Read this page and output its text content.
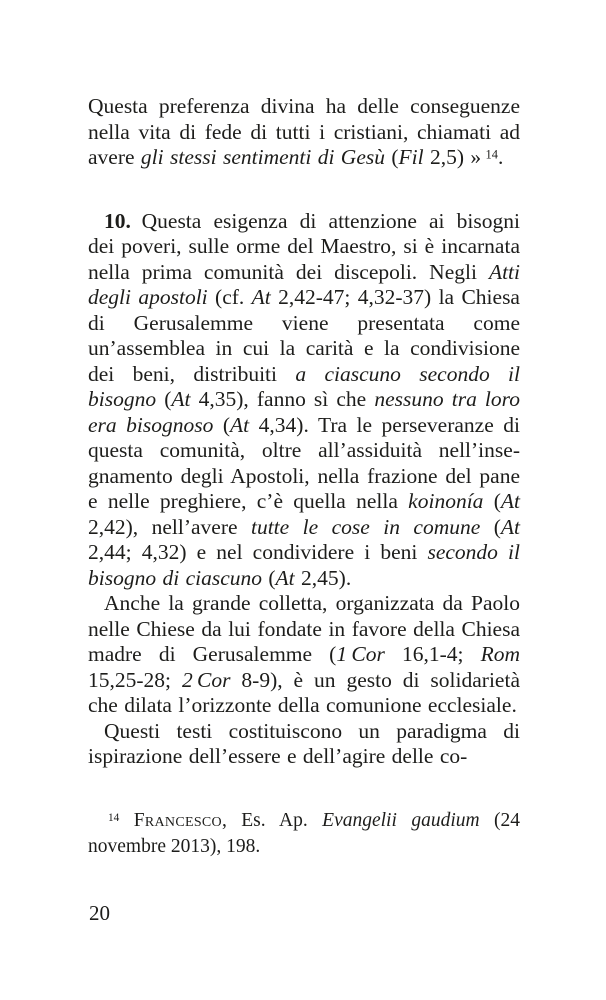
Questa preferenza divina ha delle conseguenze nella vita di fede di tutti i cristiani, chiamati ad avere gli stessi sentimenti di Gesù (Fil 2,5) » $^{14}$.

10. Questa esigenza di attenzione ai bisogni dei poveri, sulle orme del Maestro, si è incarnata nella prima comunità dei discepoli. Negli Atti degli apostoli (cf. At 2,42-47; 4,32-37) la Chiesa di Gerusalemme viene presentata come un’assemblea in cui la carità e la condivisione dei beni, distribuiti a ciascuno secondo il bisogno (At 4,35), fanno sì che nessuno tra loro era bisognoso (At 4,34). Tra le perseveranze di questa comunità, oltre all’assiduità nell’insegnamento degli Apostoli, nella frazione del pane e nelle preghiere, c’è quella nella koinonía (At 2,42), nell’avere tutte le cose in comune (At 2,44; 4,32) e nel condividere i beni secondo il bisogno di ciascuno (At 2,45).

Anche la grande colletta, organizzata da Paolo nelle Chiese da lui fondate in favore della Chiesa madre di Gerusalemme (1 Cor 16,1-4; Rom 15,25-28; 2 Cor 8-9), è un gesto di solidarietà che dilata l’orizzonte della comunione ecclesiale.

Questi testi costituiscono un paradigma di ispirazione dell’essere e dell’agire delle co-

$^{14}$ Francesco, Es. Ap. Evangelii gaudium (24 novembre 2013), 198.
20
